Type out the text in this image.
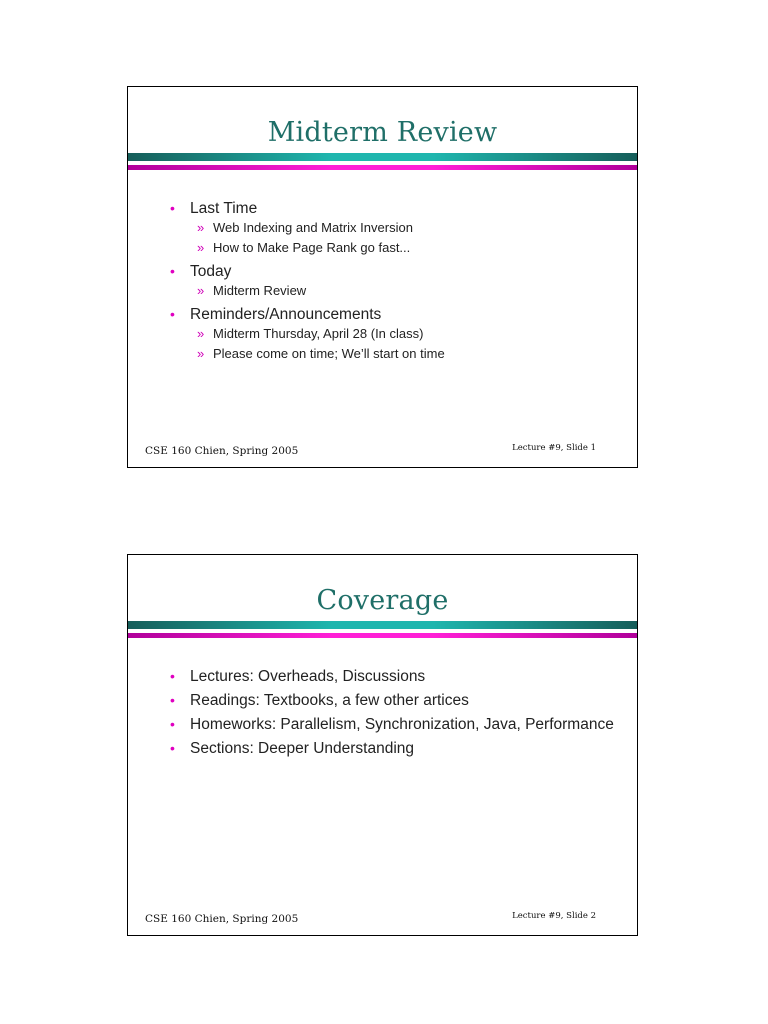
Midterm Review
• Last Time
» Web Indexing and Matrix Inversion
» How to Make Page Rank go fast...
• Today
» Midterm Review
• Reminders/Announcements
» Midterm Thursday, April 28 (In class)
» Please come on time; We’ll start on time
CSE 160 Chien, Spring 2005	Lecture #9, Slide 1
Coverage
• Lectures: Overheads, Discussions
• Readings: Textbooks, a few other artices
• Homeworks: Parallelism, Synchronization, Java, Performance
• Sections: Deeper Understanding
CSE 160 Chien, Spring 2005	Lecture #9, Slide 2
